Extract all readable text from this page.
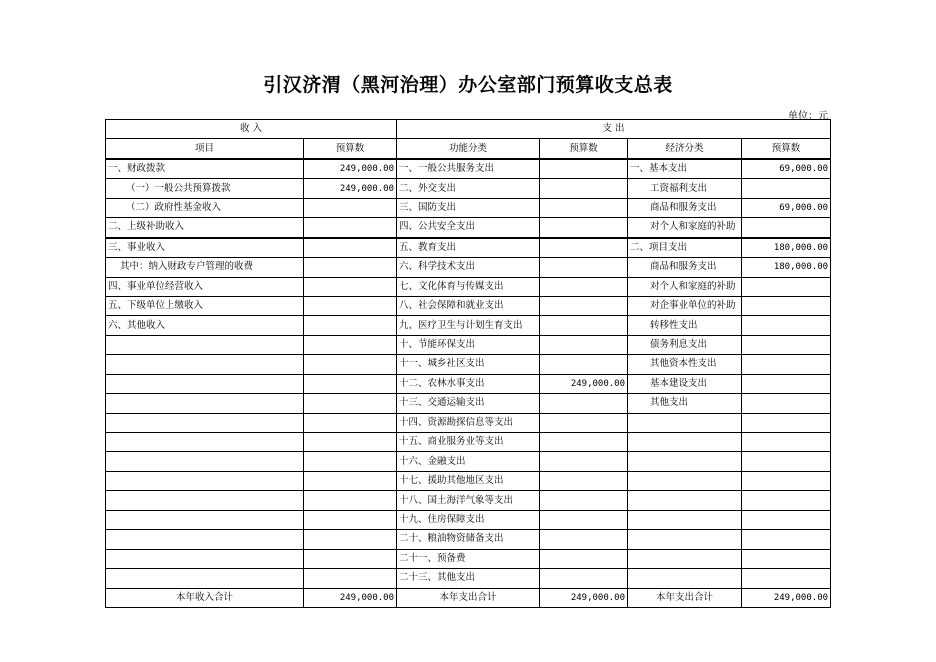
引汉济渭（黑河治理）办公室部门预算收支总表
单位：元
收 入		支 出			
项目	预算数	功能分类	预算数	经济分类	预算数
一、财政拨款	249,000.00	一、一般公共服务支出		一、基本支出	69,000.00
（一）一般公共预算拨款	249,000.00	二、外交支出		工资福利支出	
（二）政府性基金收入		三、国防支出		商品和服务支出	69,000.00
二、上级补助收入		四、公共安全支出		对个人和家庭的补助	
三、事业收入		五、教育支出		二、项目支出	180,000.00
其中：纳入财政专户管理的收费		六、科学技术支出		商品和服务支出	180,000.00
四、事业单位经营收入		七、文化体育与传媒支出		对个人和家庭的补助	
五、下级单位上缴收入		八、社会保障和就业支出		对企事业单位的补助	
六、其他收入		九、医疗卫生与计划生育支出		转移性支出	
		十、节能环保支出		债务利息支出	
		十一、城乡社区支出		其他资本性支出	
		十二、农林水事支出	249,000.00	基本建设支出	
		十三、交通运输支出		其他支出	
		十四、资源勘探信息等支出			
		十五、商业服务业等支出			
		十六、金融支出			
		十七、援助其他地区支出			
		十八、国土海洋气象等支出			
		十九、住房保障支出			
		二十、粮油物资储备支出			
		二十一、预备费			
		二十三、其他支出			
本年收入合计	249,000.00	本年支出合计	249,000.00	本年支出合计	249,000.00
